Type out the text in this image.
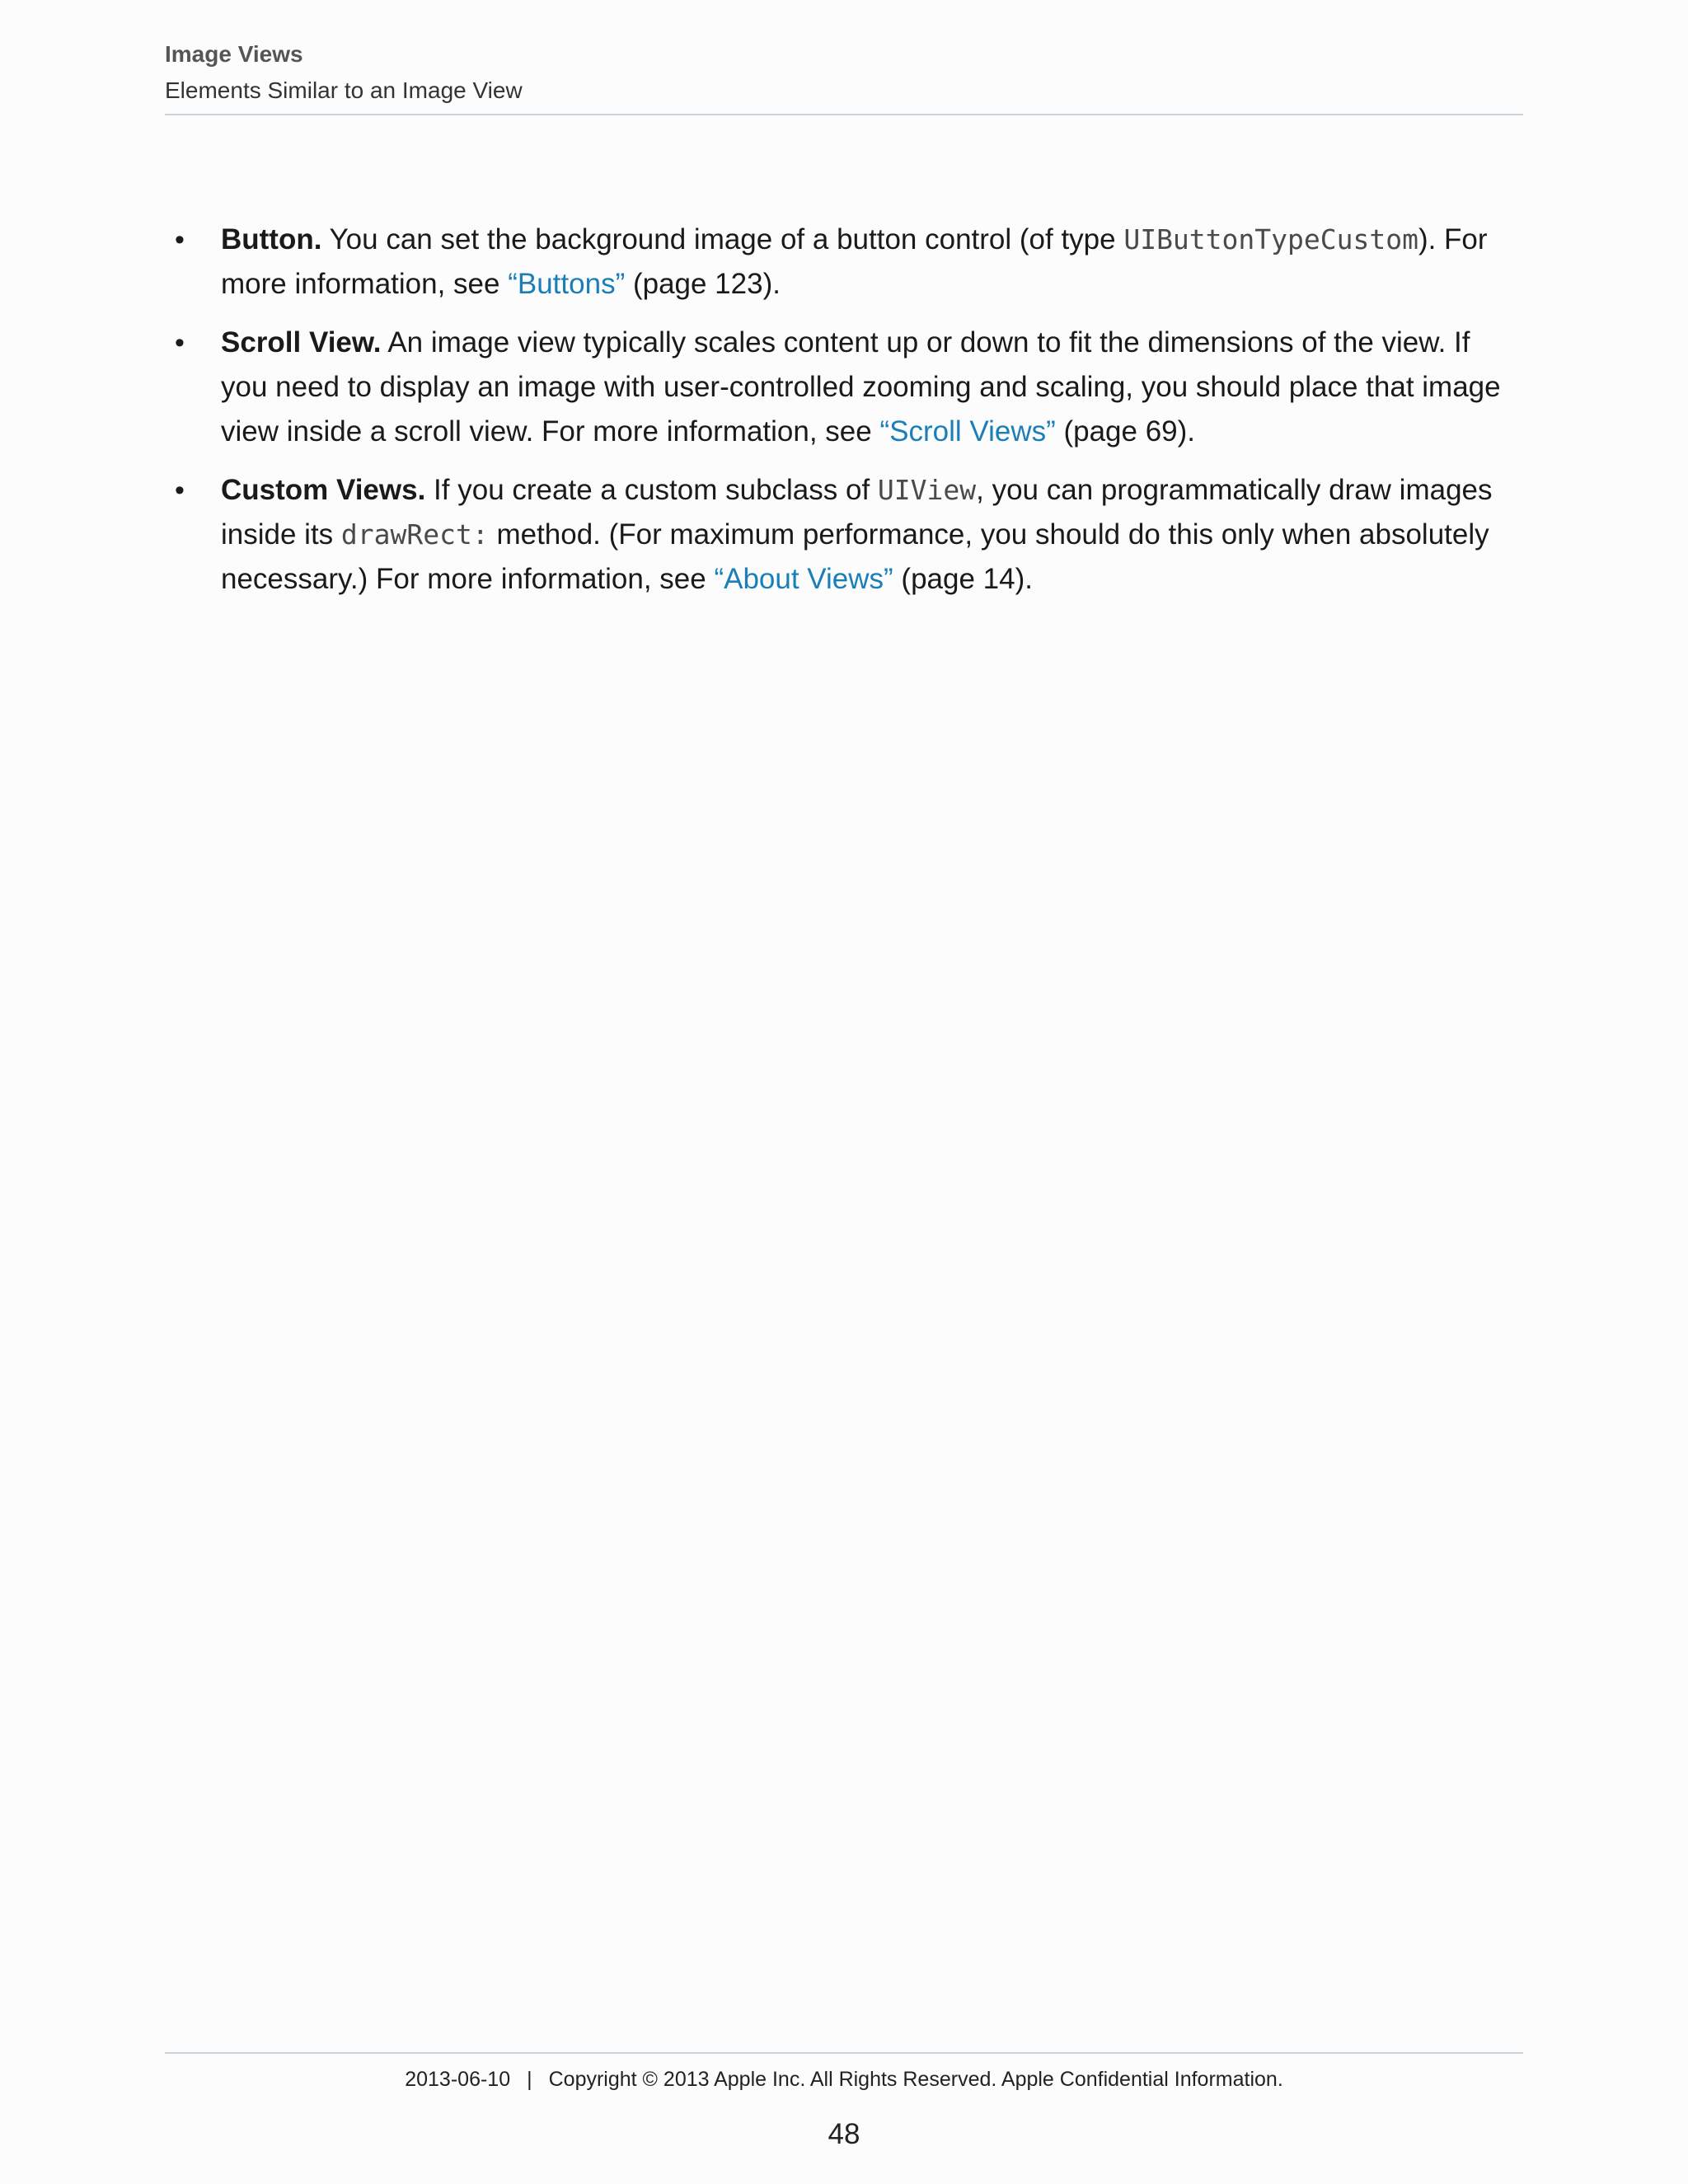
Image Views
Elements Similar to an Image View
• Button. You can set the background image of a button control (of type UIButtonTypeCustom). For more information, see “Buttons” (page 123).
• Scroll View. An image view typically scales content up or down to fit the dimensions of the view. If you need to display an image with user-controlled zooming and scaling, you should place that image view inside a scroll view. For more information, see “Scroll Views” (page 69).
• Custom Views. If you create a custom subclass of UIView, you can programmatically draw images inside its drawRect: method. (For maximum performance, you should do this only when absolutely necessary.) For more information, see “About Views” (page 14).
2013-06-10 | Copyright © 2013 Apple Inc. All Rights Reserved. Apple Confidential Information.
48
